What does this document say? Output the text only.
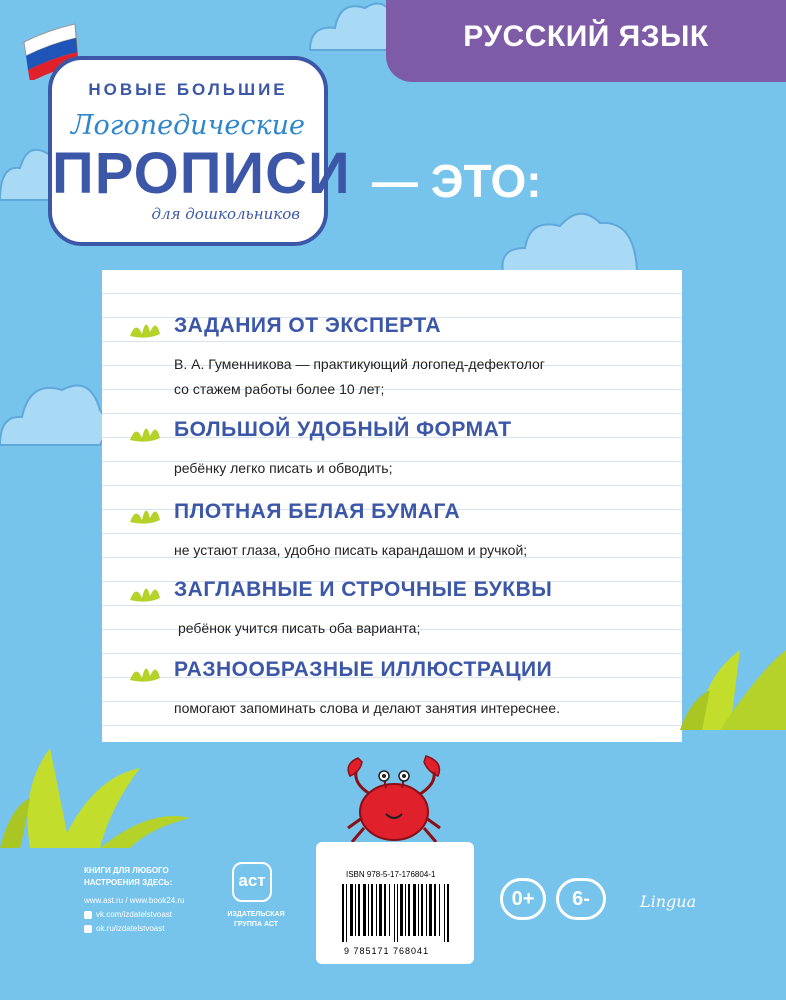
РУССКИЙ ЯЗЫК
НОВЫЕ БОЛЬШИЕ
Логопедические
ПРОПИСИ
для дошкольников
— ЭТО:
ЗАДАНИЯ ОТ ЭКСПЕРТА
В. А. Гуменникова — практикующий логопед-дефектолог
со стажем работы более 10 лет;
БОЛЬШОЙ УДОБНЫЙ ФОРМАТ
ребёнку легко писать и обводить;
ПЛОТНАЯ БЕЛАЯ БУМАГА
не устают глаза, удобно писать карандашом и ручкой;
ЗАГЛАВНЫЕ И СТРОЧНЫЕ БУКВЫ
ребёнок учится писать оба варианта;
РАЗНООБРАЗНЫЕ ИЛЛЮСТРАЦИИ
помогают запоминать слова и делают занятия интереснее.
ISBN 978-5-17-176804-1
9 785171 768041
КНИГИ ДЛЯ ЛЮБОГО
НАСТРОЕНИЯ ЗДЕСЬ:
www.ast.ru / www.book24.ru
vk.com/izdatelstvoast
ok.ru/izdatelstvoast
аст
ИЗДАТЕЛЬСКАЯ
ГРУППА АСТ
0+	6-	Lingua
